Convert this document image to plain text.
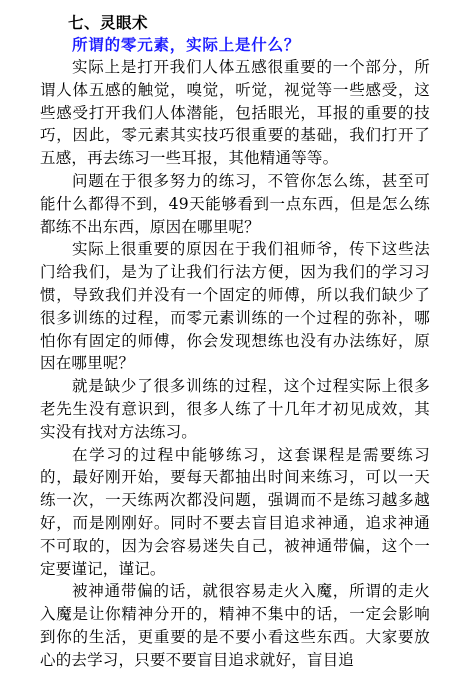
七、灵眼术
所谓的零元素，实际上是什么？

实际上是打开我们人体五感很重要的一个部分，所谓人体五感的触觉，嗅觉，听觉，视觉等一些感受，这些感受打开我们人体潜能，包括眼光，耳报的重要的技巧，因此，零元素其实技巧很重要的基础，我们打开了五感，再去练习一些耳报，其他精通等等。

问题在于很多努力的练习，不管你怎么练，甚至可能什么都得不到，49天能够看到一点东西，但是怎么练都练不出东西，原因在哪里呢？

实际上很重要的原因在于我们祖师爷，传下这些法门给我们，是为了让我们行法方便，因为我们的学习习惯，导致我们并没有一个固定的师傅，所以我们缺少了很多训练的过程，而零元素训练的一个过程的弥补，哪怕你有固定的师傅，你会发现想练也没有办法练好，原因在哪里呢？

就是缺少了很多训练的过程，这个过程实际上很多老先生没有意识到，很多人练了十几年才初见成效，其实没有找对方法练习。

在学习的过程中能够练习，这套课程是需要练习的，最好刚开始，要每天都抽出时间来练习，可以一天练一次，一天练两次都没问题，强调而不是练习越多越好，而是刚刚好。同时不要去盲目追求神通，追求神通不可取的，因为会容易迷失自己，被神通带偏，这个一定要谨记，谨记。

被神通带偏的话，就很容易走火入魔，所谓的走火入魔是让你精神分开的，精神不集中的话，一定会影响到你的生活，更重要的是不要小看这些东西。大家要放心的去学习，只要不要盲目追求就好，盲目追
